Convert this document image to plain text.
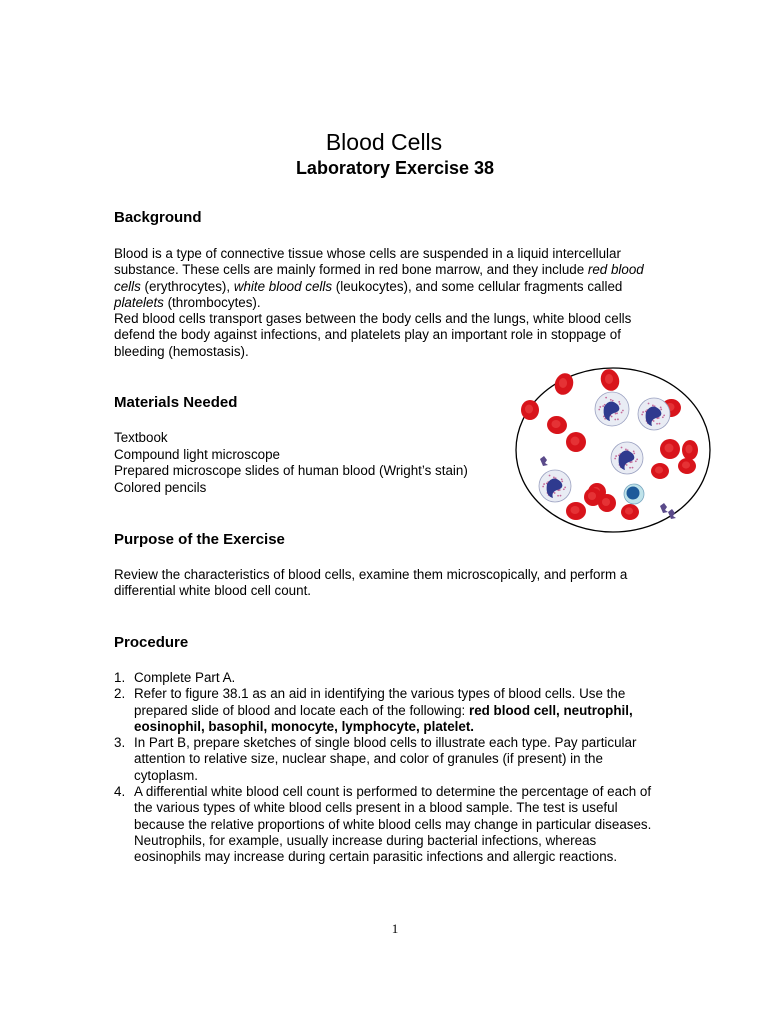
Blood Cells
Laboratory Exercise 38
Background

Blood is a type of connective tissue whose cells are suspended in a liquid intercellular substance. These cells are mainly formed in red bone marrow, and they include red blood cells (erythrocytes), white blood cells (leukocytes), and some cellular fragments called platelets (thrombocytes).

Red blood cells transport gases between the body cells and the lungs, white blood cells defend the body against infections, and platelets play an important role in stoppage of bleeding (hemostasis).

Materials Needed
Textbook
Compound light microscope
Prepared microscope slides of human blood (Wright’s stain)
Colored pencils
Purpose of the Exercise

Review the characteristics of blood cells, examine them microscopically, and perform a differential white blood cell count.

Procedure
1. Complete Part A.
2. Refer to figure 38.1 as an aid in identifying the various types of blood cells. Use the prepared slide of blood and locate each of the following: red blood cell, neutrophil, eosinophil, basophil, monocyte, lymphocyte, platelet.
3. In Part B, prepare sketches of single blood cells to illustrate each type. Pay particular attention to relative size, nuclear shape, and color of granules (if present) in the cytoplasm.
4. A differential white blood cell count is performed to determine the percentage of each of the various types of white blood cells present in a blood sample. The test is useful because the relative proportions of white blood cells may change in particular diseases. Neutrophils, for example, usually increase during bacterial infections, whereas eosinophils may increase during certain parasitic infections and allergic reactions.
1
